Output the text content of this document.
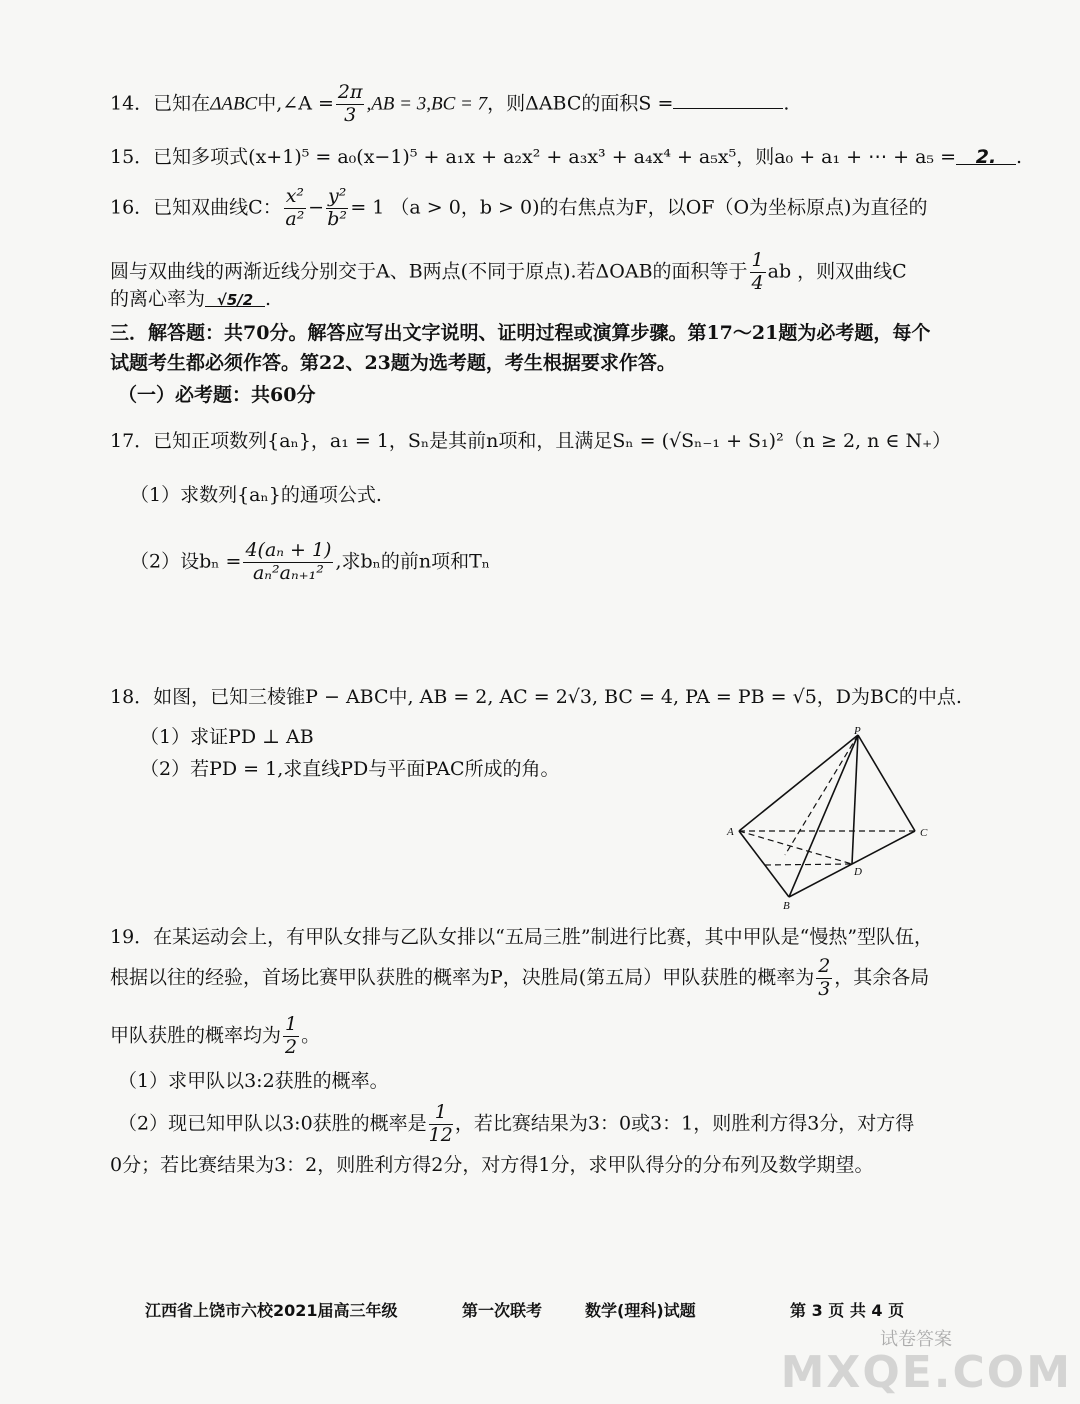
14．已知在ΔABC中,∠A = $\frac{2\pi}{3} ,AB = 3,BC = 7$，则ΔABC的面积S =	.
15．已知多项式(x+1)⁵ = a₀(x−1)⁵ + a₁x + a₂x² + a₃x³ + a₄x⁴ + a₅x⁵，则a₀ + a₁ + ⋯ + a₅ = 2. .
16．已知双曲线C： $\frac{\text{x²}}{\text{a²}} - \frac{\text{y²}}{\text{b²}} = 1$ （a > 0，b > 0)的右焦点为F，以OF（O为坐标原点)为直径的
圆与双曲线的两渐近线分别交于A、B两点(不同于原点).若ΔOAB的面积等于 $\frac{1}{4}$ ab ，则双曲线C
的离心率为 √5/2 .
三．解答题：共70分。解答应写出文字说明、证明过程或演算步骤。第17～21题为必考题，每个
试题考生都必须作答。第22、23题为选考题，考生根据要求作答。
（一）必考题：共60分
17．已知正项数列{aₙ}，a₁ = 1，Sₙ是其前n项和，且满足Sₙ = (√Sₙ₋₁ + S₁)²（n ≥ 2, n ∈ N₊）
（1）求数列{aₙ}的通项公式.
（2）设$b_n = \frac{\text{4(aₙ + 1)}}{\text{aₙ²aₙ₊₁²}}$ ,求bₙ的前n项和Tₙ
18．如图，已知三棱锥P − ABC中, AB = 2, AC = 2√3, BC = 4, PA = PB = √5，D为BC的中点.
（1）求证PD ⊥ AB
（2）若PD = 1,求直线PD与平面PAC所成的角。
P
A
B
C
D
19．在某运动会上，有甲队女排与乙队女排以“五局三胜”制进行比赛，其中甲队是“慢热”型队伍，
根据以往的经验，首场比赛甲队获胜的概率为P，决胜局(第五局）甲队获胜的概率为 $\frac{2}{3}$ ，其余各局
甲队获胜的概率均为 $\frac{1}{2}$ 。
（1）求甲队以3:2获胜的概率。
（2）现已知甲队以3:0获胜的概率是 $\frac{1}{12}$ ，若比赛结果为3：0或3：1，则胜利方得3分，对方得
0分；若比赛结果为3：2，则胜利方得2分，对方得1分，求甲队得分的分布列及数学期望。
江西省上饶市六校2021届高三年级	第一次联考	数学(理科)试题	第 3 页 共 4 页
试卷答案
MXQE.COM
